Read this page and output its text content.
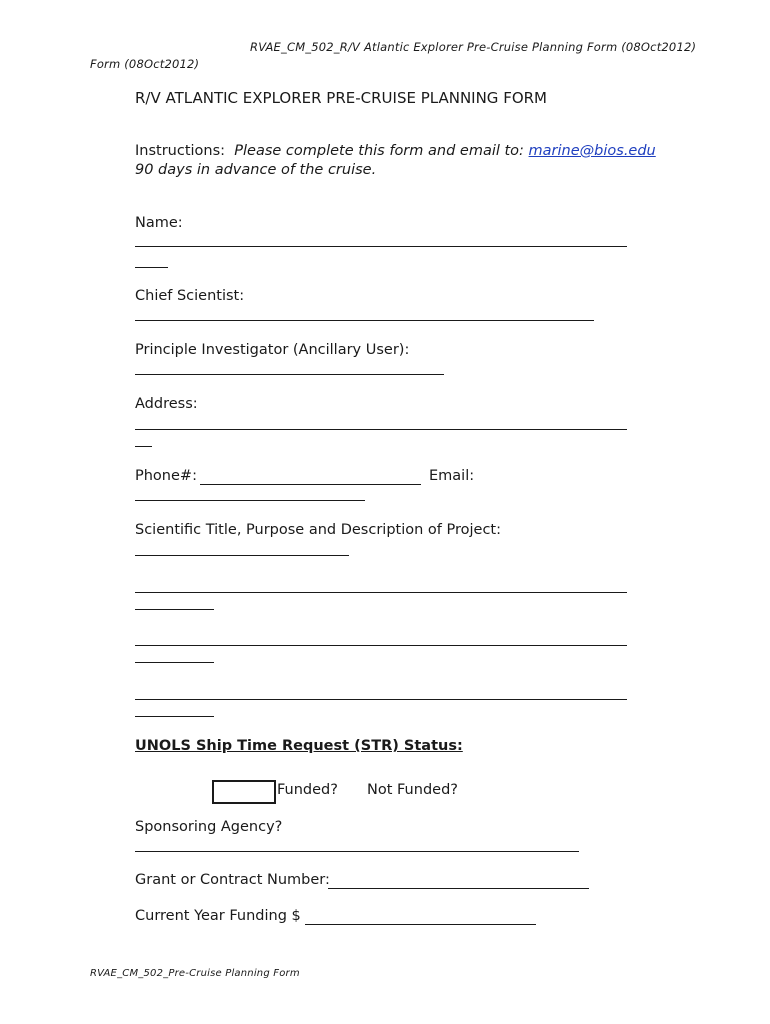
RVAE_CM_502_R/V Atlantic Explorer Pre-Cruise Planning Form (08Oct2012)
Form (08Oct2012)
R/V ATLANTIC EXPLORER PRE-CRUISE PLANNING FORM
Instructions: Please complete this form and email to: marine@bios.edu
90 days in advance of the cruise.
Name:
Chief Scientist:
Principle Investigator (Ancillary User):
Address:
Phone#:	Email:
Scientific Title, Purpose and Description of Project:
UNOLS Ship Time Request (STR) Status:
Funded? Not Funded?
Sponsoring Agency?
Grant or Contract Number:
Current Year Funding $
RVAE_CM_502_Pre-Cruise Planning Form
